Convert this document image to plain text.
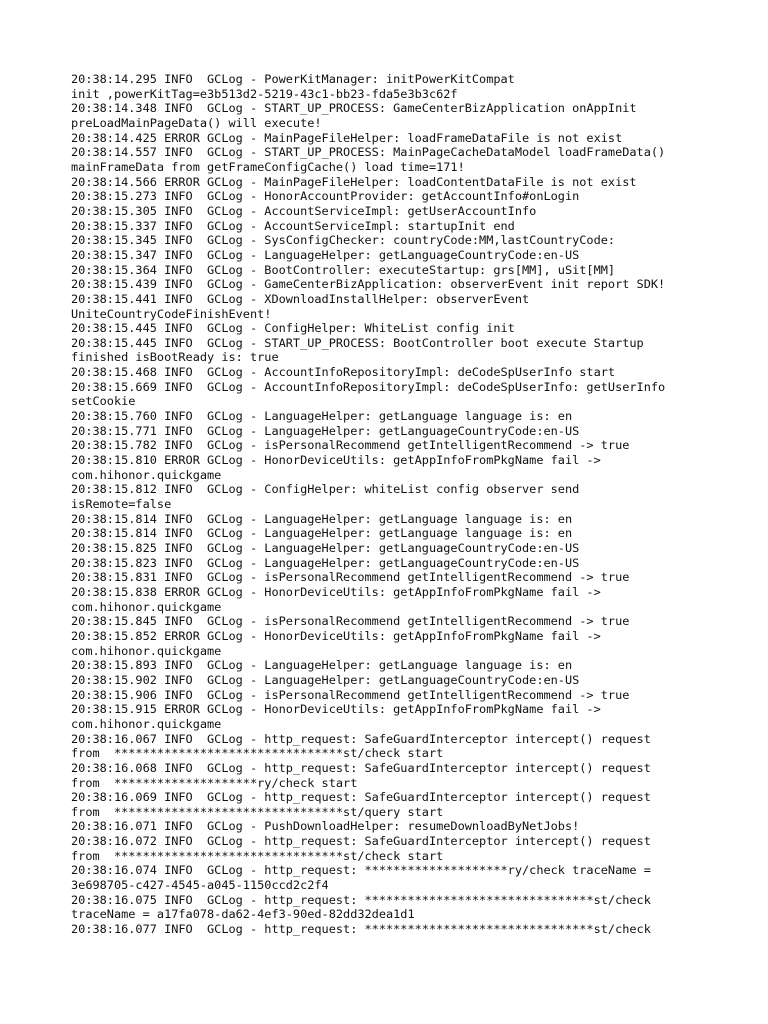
20:38:14.295 INFO  GCLog - PowerKitManager: initPowerKitCompat
init ,powerKitTag=e3b513d2-5219-43c1-bb23-fda5e3b3c62f
20:38:14.348 INFO  GCLog - START_UP_PROCESS: GameCenterBizApplication onAppInit
preLoadMainPageData() will execute!
20:38:14.425 ERROR GCLog - MainPageFileHelper: loadFrameDataFile is not exist
20:38:14.557 INFO  GCLog - START_UP_PROCESS: MainPageCacheDataModel loadFrameData()
mainFrameData from getFrameConfigCache() load time=171!
20:38:14.566 ERROR GCLog - MainPageFileHelper: loadContentDataFile is not exist
20:38:15.273 INFO  GCLog - HonorAccountProvider: getAccountInfo#onLogin
20:38:15.305 INFO  GCLog - AccountServiceImpl: getUserAccountInfo
20:38:15.337 INFO  GCLog - AccountServiceImpl: startupInit end
20:38:15.345 INFO  GCLog - SysConfigChecker: countryCode:MM,lastCountryCode:
20:38:15.347 INFO  GCLog - LanguageHelper: getLanguageCountryCode:en-US
20:38:15.364 INFO  GCLog - BootController: executeStartup: grs[MM], uSit[MM]
20:38:15.439 INFO  GCLog - GameCenterBizApplication: observerEvent init report SDK!
20:38:15.441 INFO  GCLog - XDownloadInstallHelper: observerEvent
UniteCountryCodeFinishEvent!
20:38:15.445 INFO  GCLog - ConfigHelper: WhiteList config init
20:38:15.445 INFO  GCLog - START_UP_PROCESS: BootController boot execute Startup
finished isBootReady is: true
20:38:15.468 INFO  GCLog - AccountInfoRepositoryImpl: deCodeSpUserInfo start
20:38:15.669 INFO  GCLog - AccountInfoRepositoryImpl: deCodeSpUserInfo: getUserInfo
setCookie
20:38:15.760 INFO  GCLog - LanguageHelper: getLanguage language is: en
20:38:15.771 INFO  GCLog - LanguageHelper: getLanguageCountryCode:en-US
20:38:15.782 INFO  GCLog - isPersonalRecommend getIntelligentRecommend -> true
20:38:15.810 ERROR GCLog - HonorDeviceUtils: getAppInfoFromPkgName fail ->
com.hihonor.quickgame
20:38:15.812 INFO  GCLog - ConfigHelper: whiteList config observer send
isRemote=false
20:38:15.814 INFO  GCLog - LanguageHelper: getLanguage language is: en
20:38:15.814 INFO  GCLog - LanguageHelper: getLanguage language is: en
20:38:15.825 INFO  GCLog - LanguageHelper: getLanguageCountryCode:en-US
20:38:15.823 INFO  GCLog - LanguageHelper: getLanguageCountryCode:en-US
20:38:15.831 INFO  GCLog - isPersonalRecommend getIntelligentRecommend -> true
20:38:15.838 ERROR GCLog - HonorDeviceUtils: getAppInfoFromPkgName fail ->
com.hihonor.quickgame
20:38:15.845 INFO  GCLog - isPersonalRecommend getIntelligentRecommend -> true
20:38:15.852 ERROR GCLog - HonorDeviceUtils: getAppInfoFromPkgName fail ->
com.hihonor.quickgame
20:38:15.893 INFO  GCLog - LanguageHelper: getLanguage language is: en
20:38:15.902 INFO  GCLog - LanguageHelper: getLanguageCountryCode:en-US
20:38:15.906 INFO  GCLog - isPersonalRecommend getIntelligentRecommend -> true
20:38:15.915 ERROR GCLog - HonorDeviceUtils: getAppInfoFromPkgName fail ->
com.hihonor.quickgame
20:38:16.067 INFO  GCLog - http_request: SafeGuardInterceptor intercept() request
from  ********************************st/check start
20:38:16.068 INFO  GCLog - http_request: SafeGuardInterceptor intercept() request
from  ********************ry/check start
20:38:16.069 INFO  GCLog - http_request: SafeGuardInterceptor intercept() request
from  ********************************st/query start
20:38:16.071 INFO  GCLog - PushDownloadHelper: resumeDownloadByNetJobs!
20:38:16.072 INFO  GCLog - http_request: SafeGuardInterceptor intercept() request
from  ********************************st/check start
20:38:16.074 INFO  GCLog - http_request: ********************ry/check traceName =
3e698705-c427-4545-a045-1150ccd2c2f4
20:38:16.075 INFO  GCLog - http_request: ********************************st/check
traceName = a17fa078-da62-4ef3-90ed-82dd32dea1d1
20:38:16.077 INFO  GCLog - http_request: ********************************st/check
